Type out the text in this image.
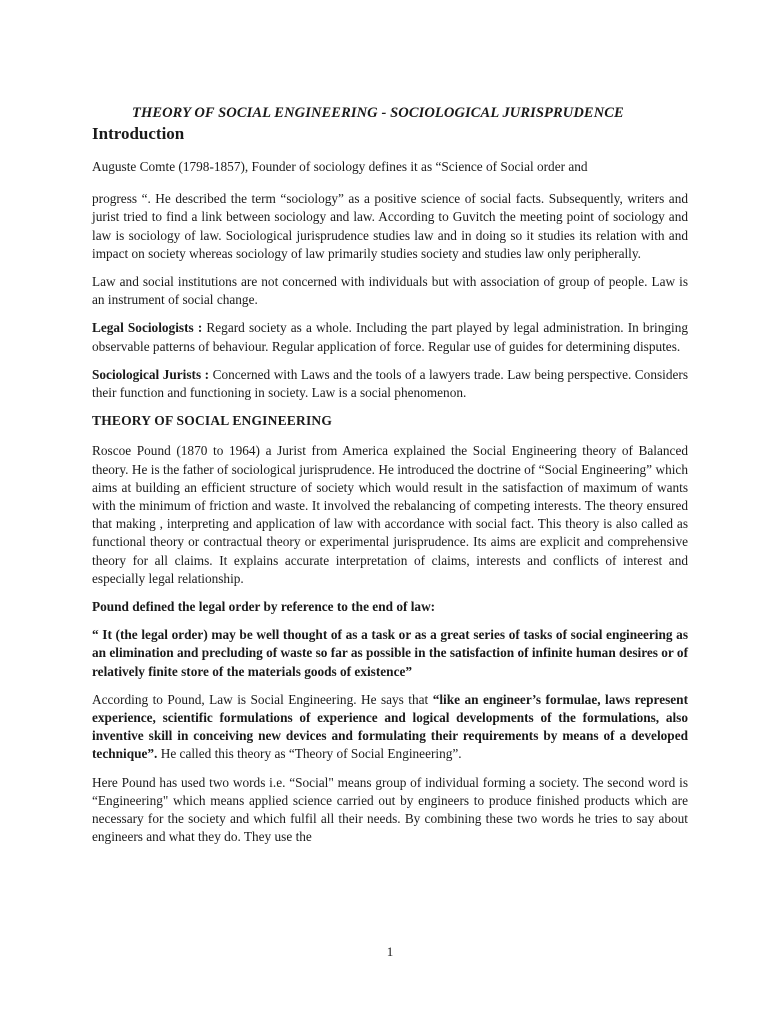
THEORY OF SOCIAL ENGINEERING - SOCIOLOGICAL JURISPRUDENCE
Introduction

Auguste Comte (1798-1857), Founder of sociology defines it as “Science of Social order and

progress “. He described the term “sociology” as a positive science of social facts. Subsequently, writers and jurist tried to find a link between sociology and law. According to Guvitch the meeting point of sociology and law is sociology of law. Sociological jurisprudence studies law and in doing so it studies its relation with and impact on society whereas sociology of law primarily studies society and studies law only peripherally.

Law and social institutions are not concerned with individuals but with association of group of people. Law is an instrument of social change.

Legal Sociologists : Regard society as a whole. Including the part played by legal administration. In bringing observable patterns of behaviour. Regular application of force. Regular use of guides for determining disputes.

Sociological Jurists : Concerned with Laws and the tools of a lawyers trade. Law being perspective. Considers their function and functioning in society. Law is a social phenomenon.

THEORY OF SOCIAL ENGINEERING

Roscoe Pound (1870 to 1964) a Jurist from America explained the Social Engineering theory of Balanced theory. He is the father of sociological jurisprudence. He introduced the doctrine of “Social Engineering” which aims at building an efficient structure of society which would result in the satisfaction of maximum of wants with the minimum of friction and waste. It involved the rebalancing of competing interests. The theory ensured that making , interpreting and application of law with accordance with social fact. This theory is also called as functional theory or contractual theory or experimental jurisprudence. Its aims are explicit and comprehensive theory for all claims. It explains accurate interpretation of claims, interests and conflicts of interest and especially legal relationship.

Pound defined the legal order by reference to the end of law:

“ It (the legal order) may be well thought of as a task or as a great series of tasks of social engineering as an elimination and precluding of waste so far as possible in the satisfaction of infinite human desires or of relatively finite store of the materials goods of existence”

According to Pound, Law is Social Engineering. He says that “like an engineer’s formulae, laws represent experience, scientific formulations of experience and logical developments of the formulations, also inventive skill in conceiving new devices and formulating their requirements by means of a developed technique”. He called this theory as “Theory of Social Engineering”.

Here Pound has used two words i.e. “Social" means group of individual forming a society. The second word is “Engineering" which means applied science carried out by engineers to produce finished products which are necessary for the society and which fulfil all their needs. By combining these two words he tries to say about engineers and what they do. They use the

1
